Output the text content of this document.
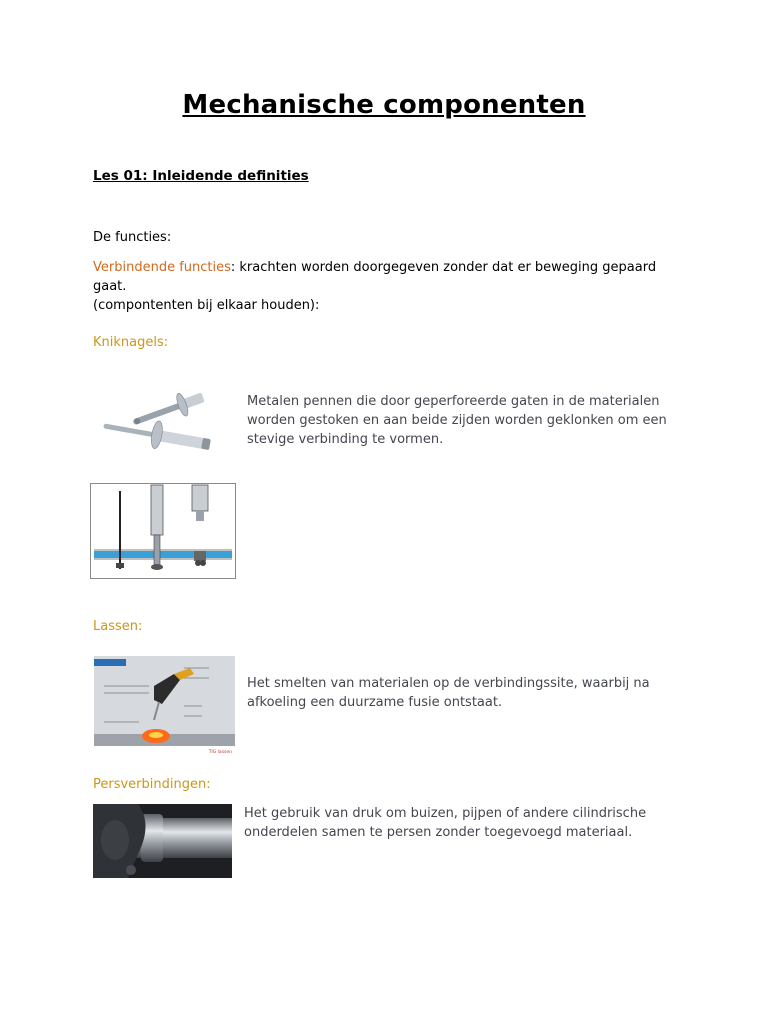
Mechanische componenten
Les 01: Inleidende definities
De functies:
Verbindende functies: krachten worden doorgegeven zonder dat er beweging gepaard gaat.
(compontenten bij elkaar houden):
Kniknagels:
Metalen pennen die door geperforeerde gaten in de materialen worden gestoken en aan beide zijden worden geklonken om een stevige verbinding te vormen.
Lassen:
TIG lassen
Het smelten van materialen op de verbindingssite, waarbij na afkoeling een duurzame fusie ontstaat.
Persverbindingen:
Het gebruik van druk om buizen, pijpen of andere cilindrische onderdelen samen te persen zonder toegevoegd materiaal.
